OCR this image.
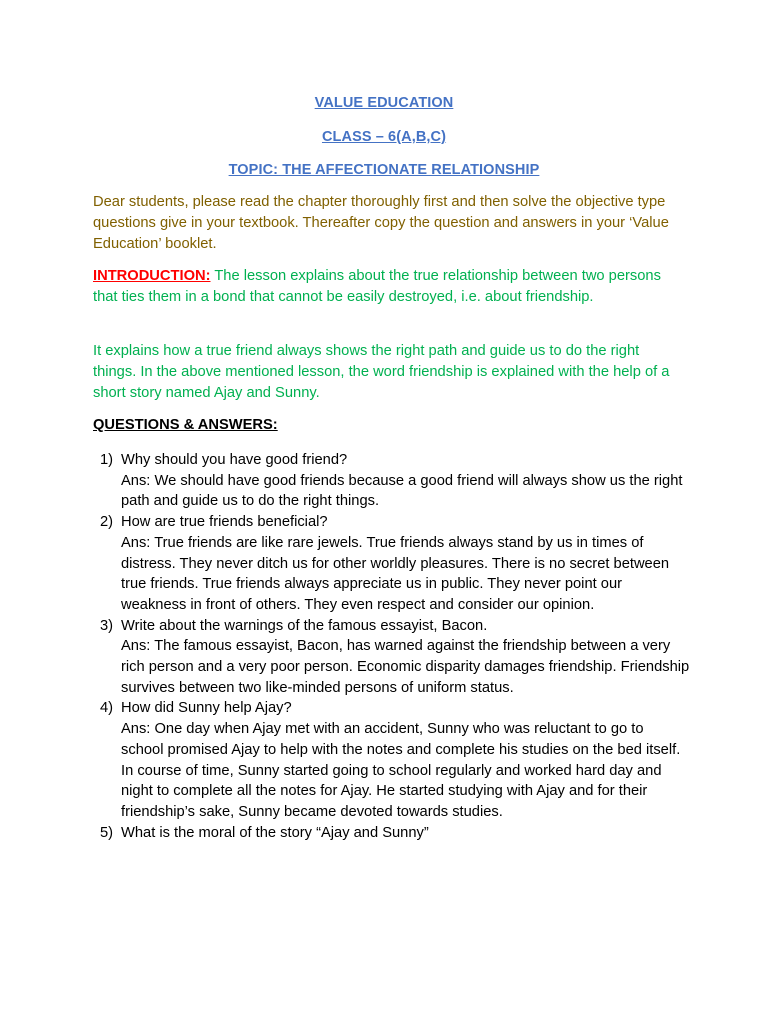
VALUE EDUCATION
CLASS – 6(A,B,C)
TOPIC: THE AFFECTIONATE RELATIONSHIP
Dear students, please read the chapter thoroughly first and then solve the objective type questions give in your textbook. Thereafter copy the question and answers in your ‘Value Education’ booklet.
INTRODUCTION: The lesson explains about the true relationship between two persons that ties them in a bond that cannot be easily destroyed, i.e. about friendship.
It explains how a true friend always shows the right path and guide us to do the right things. In the above mentioned lesson, the word friendship is explained with the help of a short story named Ajay and Sunny.
QUESTIONS & ANSWERS:
1) Why should you have good friend?
Ans: We should have good friends because a good friend will always show us the right path and guide us to do the right things.
2) How are true friends beneficial?
Ans: True friends are like rare jewels. True friends always stand by us in times of distress. They never ditch us for other worldly pleasures. There is no secret between true friends. True friends always appreciate us in public. They never point our weakness in front of others. They even respect and consider our opinion.
3) Write about the warnings of the famous essayist, Bacon.
Ans: The famous essayist, Bacon, has warned against the friendship between a very rich person and a very poor person. Economic disparity damages friendship. Friendship survives between two like-minded persons of uniform status.
4) How did Sunny help Ajay?
Ans: One day when Ajay met with an accident, Sunny who was reluctant to go to school promised Ajay to help with the notes and complete his studies on the bed itself. In course of time, Sunny started going to school regularly and worked hard day and night to complete all the notes for Ajay. He started studying with Ajay and for their friendship’s sake, Sunny became devoted towards studies.
5) What is the moral of the story “Ajay and Sunny”
